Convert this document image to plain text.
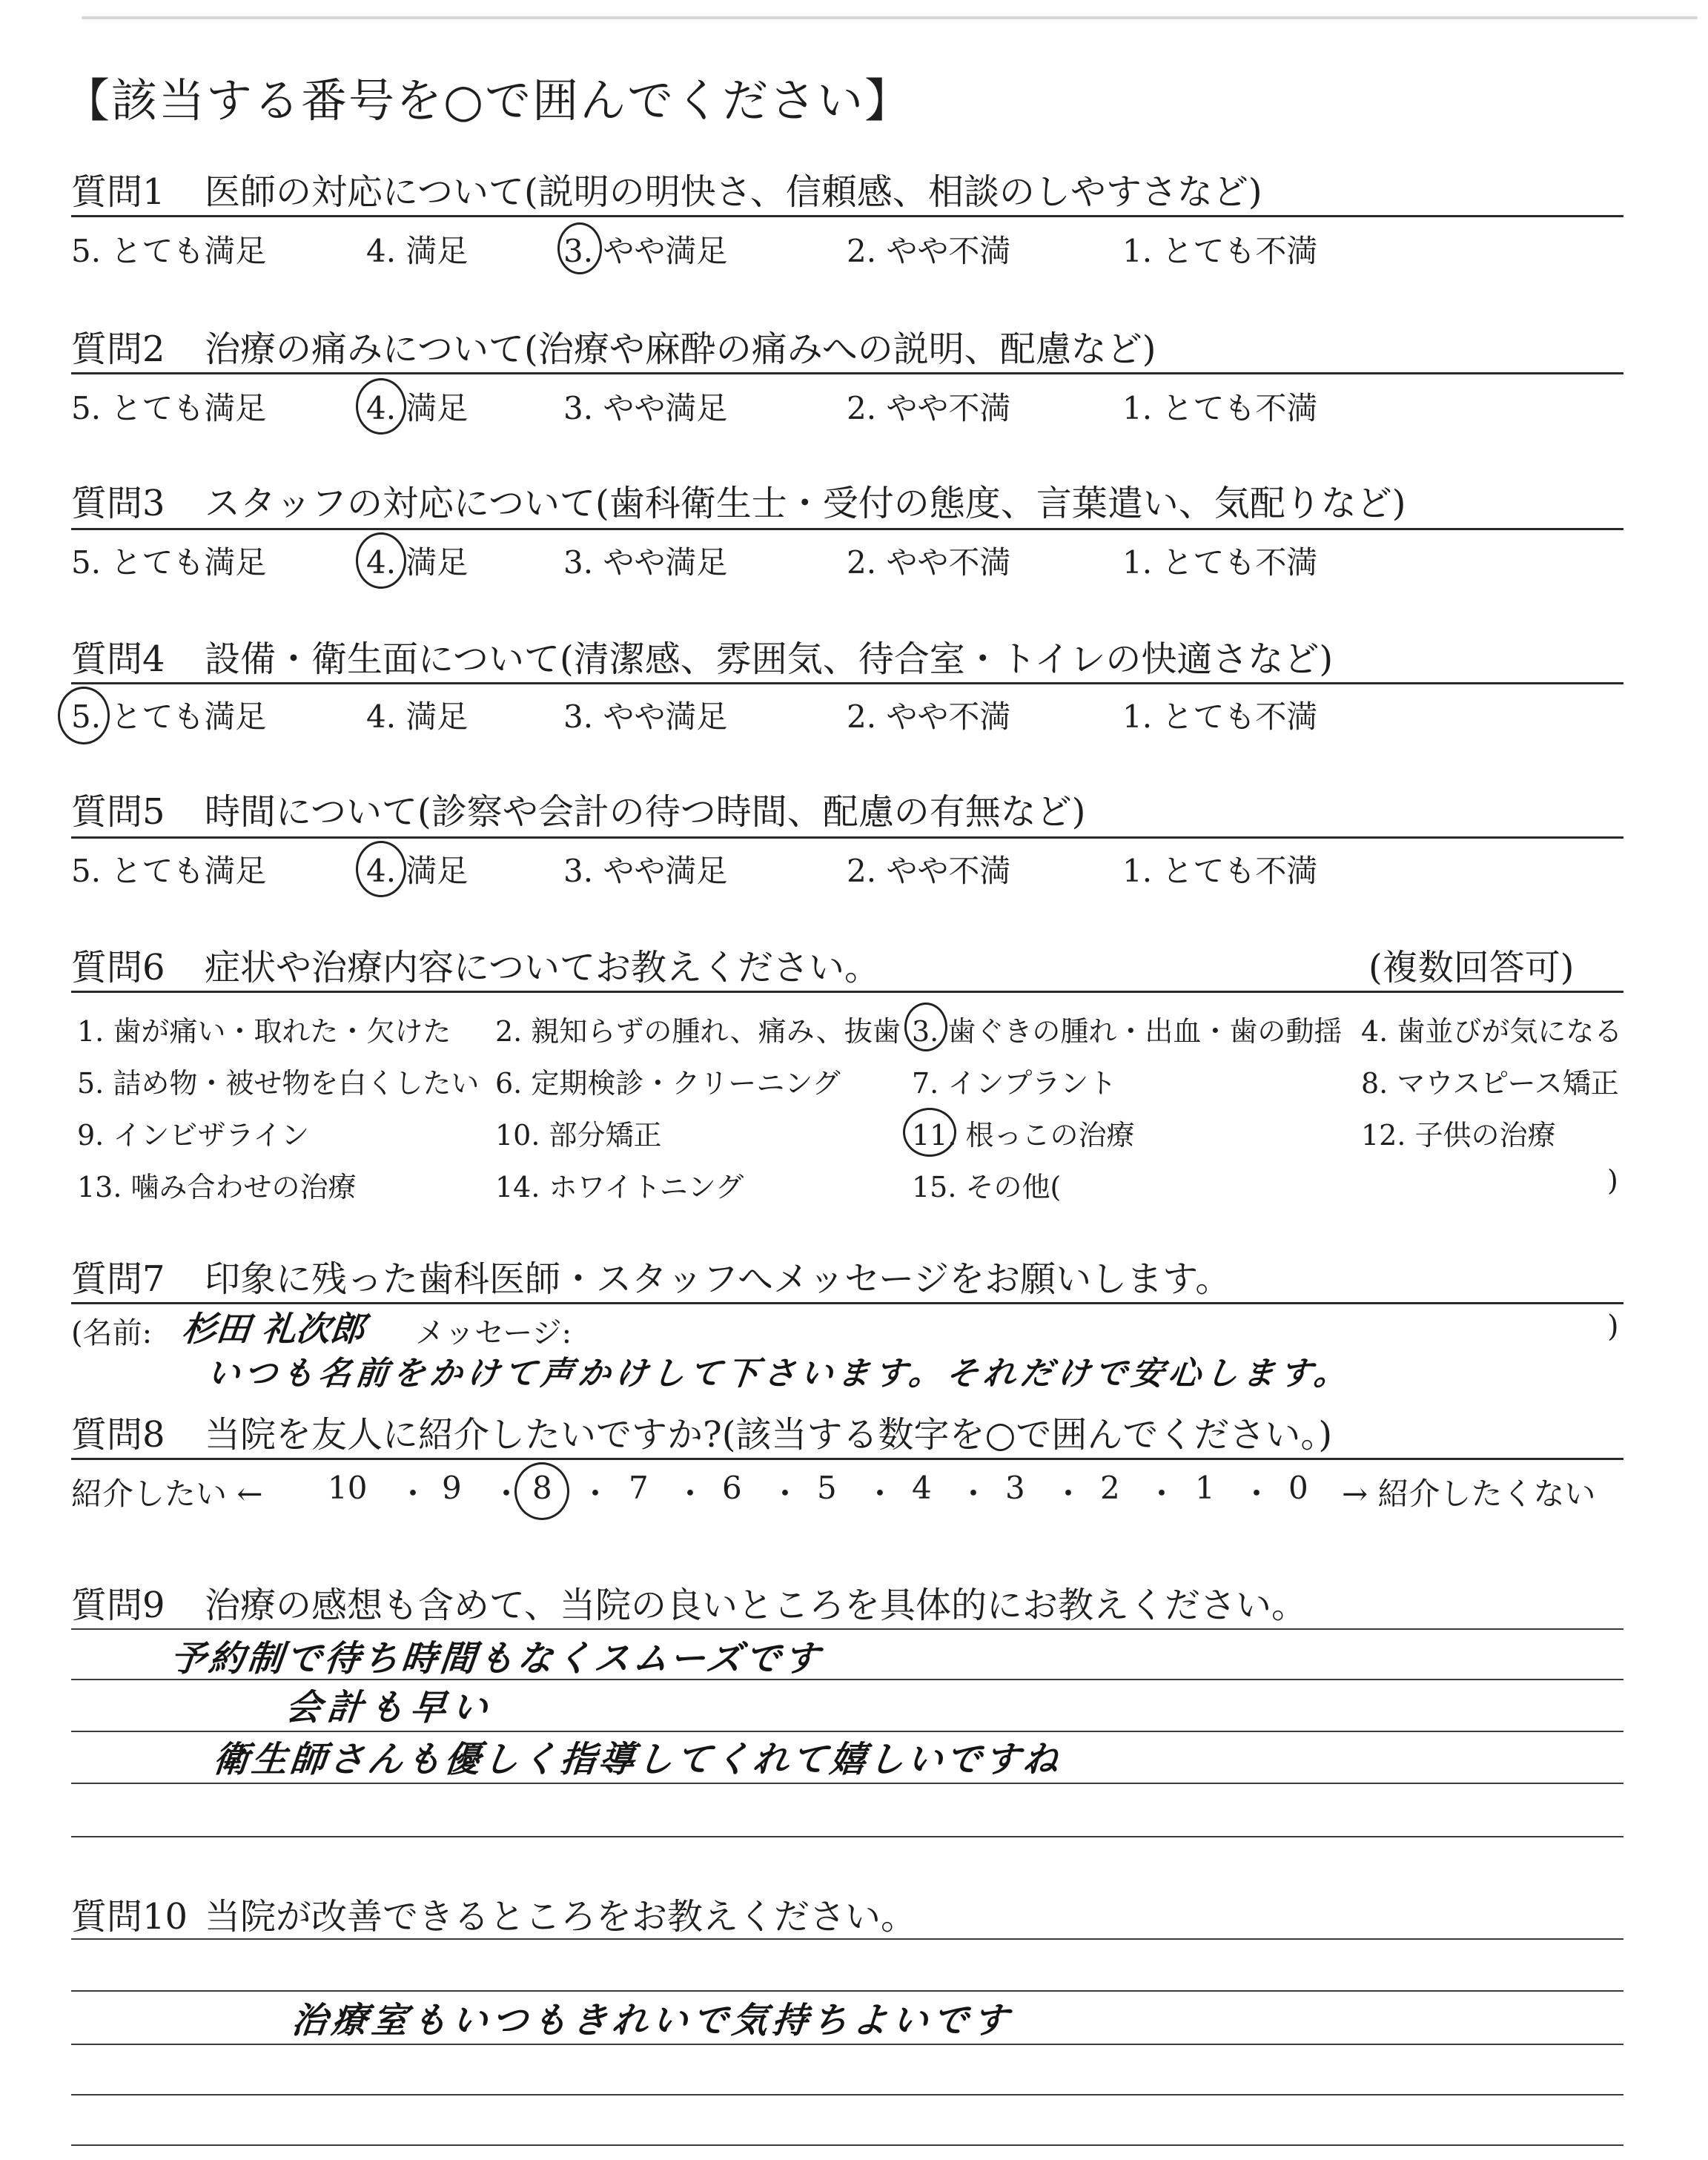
【該当する番号を○で囲んでください】
質問1 医師の対応について(説明の明快さ、信頼感、相談のしやすさなど)
5. とても満足	4. 満足	3. やや満足	2. やや不満	1. とても不満
質問2 治療の痛みについて(治療や麻酔の痛みへの説明、配慮など)
5. とても満足	4. 満足	3. やや満足	2. やや不満	1. とても不満
質問3 スタッフの対応について(歯科衛生士・受付の態度、言葉遣い、気配りなど)
5. とても満足	4. 満足	3. やや満足	2. やや不満	1. とても不満
質問4 設備・衛生面について(清潔感、雰囲気、待合室・トイレの快適さなど)
5. とても満足	4. 満足	3. やや満足	2. やや不満	1. とても不満
質問5 時間について(診察や会計の待つ時間、配慮の有無など)
5. とても満足	4. 満足	3. やや満足	2. やや不満	1. とても不満
質問6 症状や治療内容についてお教えください。	(複数回答可)
1. 歯が痛い・取れた・欠けた 2. 親知らずの腫れ、痛み、抜歯 3. 歯ぐきの腫れ・出血・歯の動揺 4. 歯並びが気になる
5. 詰め物・被せ物を白くしたい 6. 定期検診・クリーニング	7. インプラント	8. マウスピース矯正
9. インビザライン	10. 部分矯正	11. 根っこの治療	12. 子供の治療
13. 噛み合わせの治療	14. ホワイトニング	15. その他(	)
質問7 印象に残った歯科医師・スタッフへメッセージをお願いします。
(名前:	メッセージ:	)
杉田 礼次郎
いつも名前をかけて声かけして下さいます。それだけで安心します。
質問8 当院を友人に紹介したいですか?(該当する数字を○で囲んでください。)
紹介したい ← 10 ・ 9 ・ 8 ・ 7 ・ 6 ・ 5 ・ 4 ・ 3 ・ 2 ・ 1 ・ 0 → 紹介したくない
質問9 治療の感想も含めて、当院の良いところを具体的にお教えください。
予約制で待ち時間もなくスムーズです
会計も早い
衛生師さんも優しく指導してくれて嬉しいですね
質問10 当院が改善できるところをお教えください。
治療室もいつもきれいで気持ちよいです
